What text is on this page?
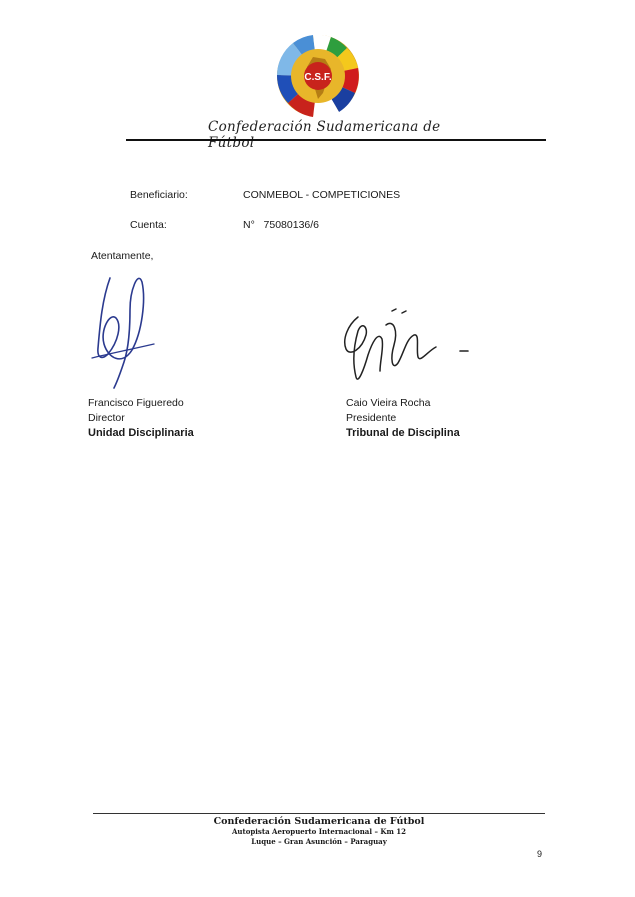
C.S.F.
Confederación Sudamericana de Fútbol
Beneficiario:	CONMEBOL - COMPETICIONES
Cuenta:	N°   75080136/6
Atentamente,
Francisco Figueredo
Director
Unidad Disciplinaria
Caio Vieira Rocha
Presidente
Tribunal de Disciplina
Confederación Sudamericana de Fútbol
Autopista Aeropuerto Internacional – Km 12
Luque – Gran Asunción – Paraguay
9
